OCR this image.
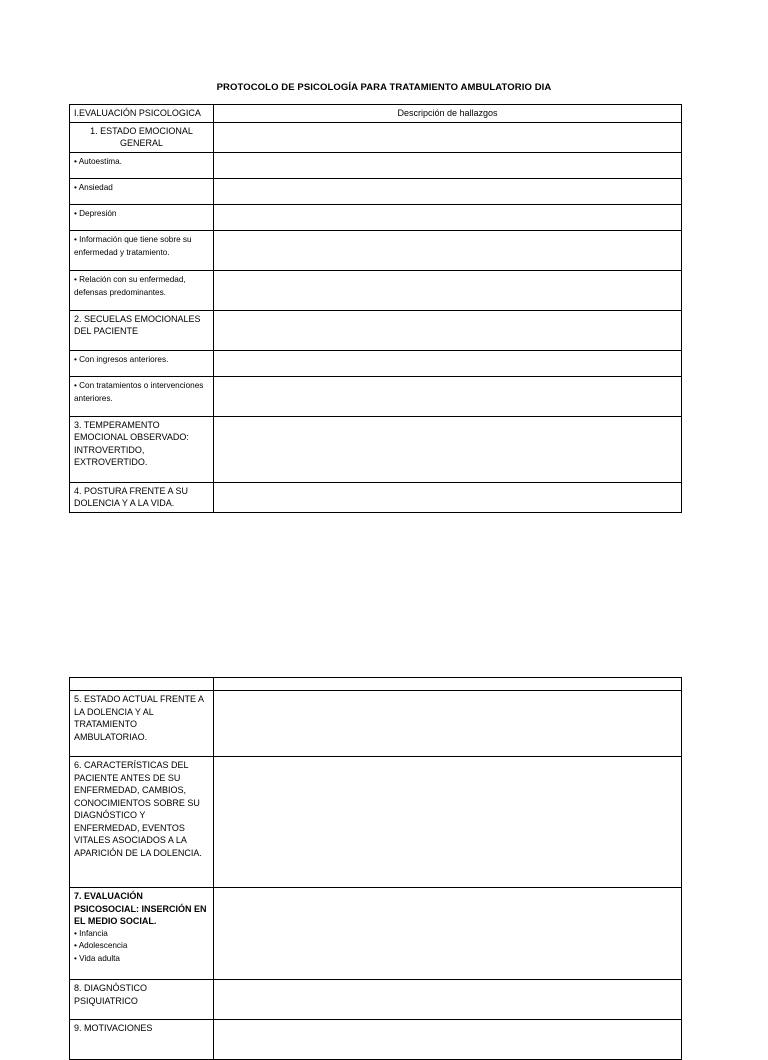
PROTOCOLO DE PSICOLOGÍA PARA TRATAMIENTO AMBULATORIO DIA
I.EVALUACIÓN PSICOLOGICA	Descripción de hallazgos
1. ESTADO EMOCIONAL GENERAL	
• Autoestima.	
• Ansiedad	
• Depresión	
• Información que tiene sobre su enfermedad y tratamiento.	
• Relación con su enfermedad, defensas predominantes.	
2. SECUELAS EMOCIONALES DEL PACIENTE	
• Con ingresos anteriores.	
• Con tratamientos o intervenciones anteriores.	
3. TEMPERAMENTO EMOCIONAL OBSERVADO: INTROVERTIDO, EXTROVERTIDO.	
4. POSTURA FRENTE A SU DOLENCIA Y A LA VIDA.	

5. ESTADO ACTUAL FRENTE A LA DOLENCIA Y AL TRATAMIENTO AMBULATORIAO.	
6. CARACTERÍSTICAS DEL PACIENTE ANTES DE SU ENFERMEDAD, CAMBIOS, CONOCIMIENTOS SOBRE SU DIAGNÓSTICO Y ENFERMEDAD, EVENTOS VITALES ASOCIADOS A LA APARICIÓN DE LA DOLENCIA.	

7. EVALUACIÓN PSICOSOCIAL: INSERCIÓN EN EL MEDIO SOCIAL.
• Infancia
• Adolescencia
• Vida adulta	

8. DIAGNÓSTICO PSIQUIATRICO	
9. MOTIVACIONES	
